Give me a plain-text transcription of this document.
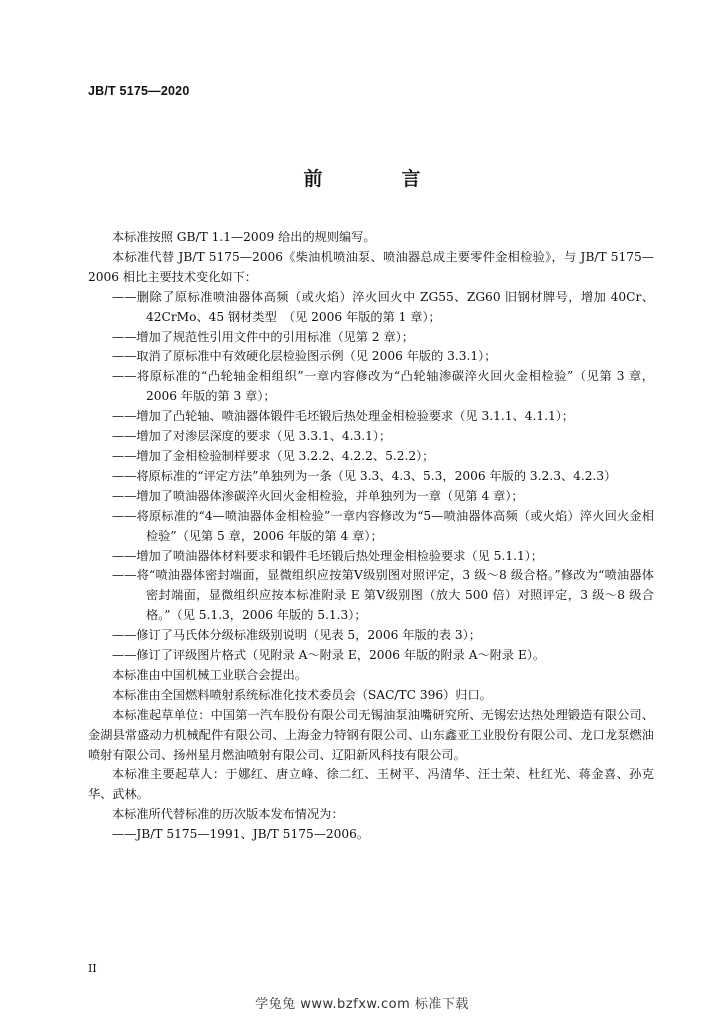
JB/T 5175—2020
前　言

本标准按照 GB/T 1.1—2009 给出的规则编写。

本标准代替 JB/T 5175—2006《柴油机喷油泵、喷油器总成主要零件金相检验》，与 JB/T 5175—2006 相比主要技术变化如下：

——删除了原标准喷油器体高频（或火焰）淬火回火中 ZG55、ZG60 旧钢材牌号，增加 40Cr、42CrMo、45 钢材类型　（见 2006 年版的第 1 章）；

——增加了规范性引用文件中的引用标准（见第 2 章）；

——取消了原标准中有效硬化层检验图示例（见 2006 年版的 3.3.1）；

——将原标准的“凸轮轴金相组织”一章内容修改为“凸轮轴渗碳淬火回火金相检验”（见第 3 章，2006 年版的第 3 章）；

——增加了凸轮轴、喷油器体锻件毛坯锻后热处理金相检验要求（见 3.1.1、4.1.1）；

——增加了对渗层深度的要求（见 3.3.1、4.3.1）；

——增加了金相检验制样要求（见 3.2.2、4.2.2、5.2.2）；

——将原标准的“评定方法”单独列为一条（见 3.3、4.3、5.3，2006 年版的 3.2.3、4.2.3）

——增加了喷油器体渗碳淬火回火金相检验，并单独列为一章（见第 4 章）；

——将原标准的“4—喷油器体金相检验”一章内容修改为“5—喷油器体高频（或火焰）淬火回火金相检验”（见第 5 章，2006 年版的第 4 章）；

——增加了喷油器体材料要求和锻件毛坯锻后热处理金相检验要求（见 5.1.1）；

——将“喷油器体密封端面，显微组织应按第Ⅴ级别图对照评定，3 级～8 级合格。”修改为“喷油器体密封端面，显微组织应按本标准附录 E 第Ⅴ级别图（放大 500 倍）对照评定，3 级～8 级合格。”（见 5.1.3，2006 年版的 5.1.3）；

——修订了马氏体分级标准级别说明（见表 5，2006 年版的表 3）；

——修订了评级图片格式（见附录 A～附录 E，2006 年版的附录 A～附录 E）。

本标准由中国机械工业联合会提出。

本标准由全国燃料喷射系统标准化技术委员会（SAC/TC 396）归口。

本标准起草单位：中国第一汽车股份有限公司无锡油泵油嘴研究所、无锡宏达热处理锻造有限公司、金湖县常盛动力机械配件有限公司、上海金力特钢有限公司、山东鑫亚工业股份有限公司、龙口龙泵燃油喷射有限公司、扬州星月燃油喷射有限公司、辽阳新风科技有限公司。

本标准主要起草人：于娜红、唐立峰、徐二红、王树平、冯清华、汪士荣、杜红光、蒋金喜、孙克华、武林。

本标准所代替标准的历次版本发布情况为：

——JB/T 5175—1991、JB/T 5175—2006。

II
学兔兔 www.bzfxw.com 标准下载
